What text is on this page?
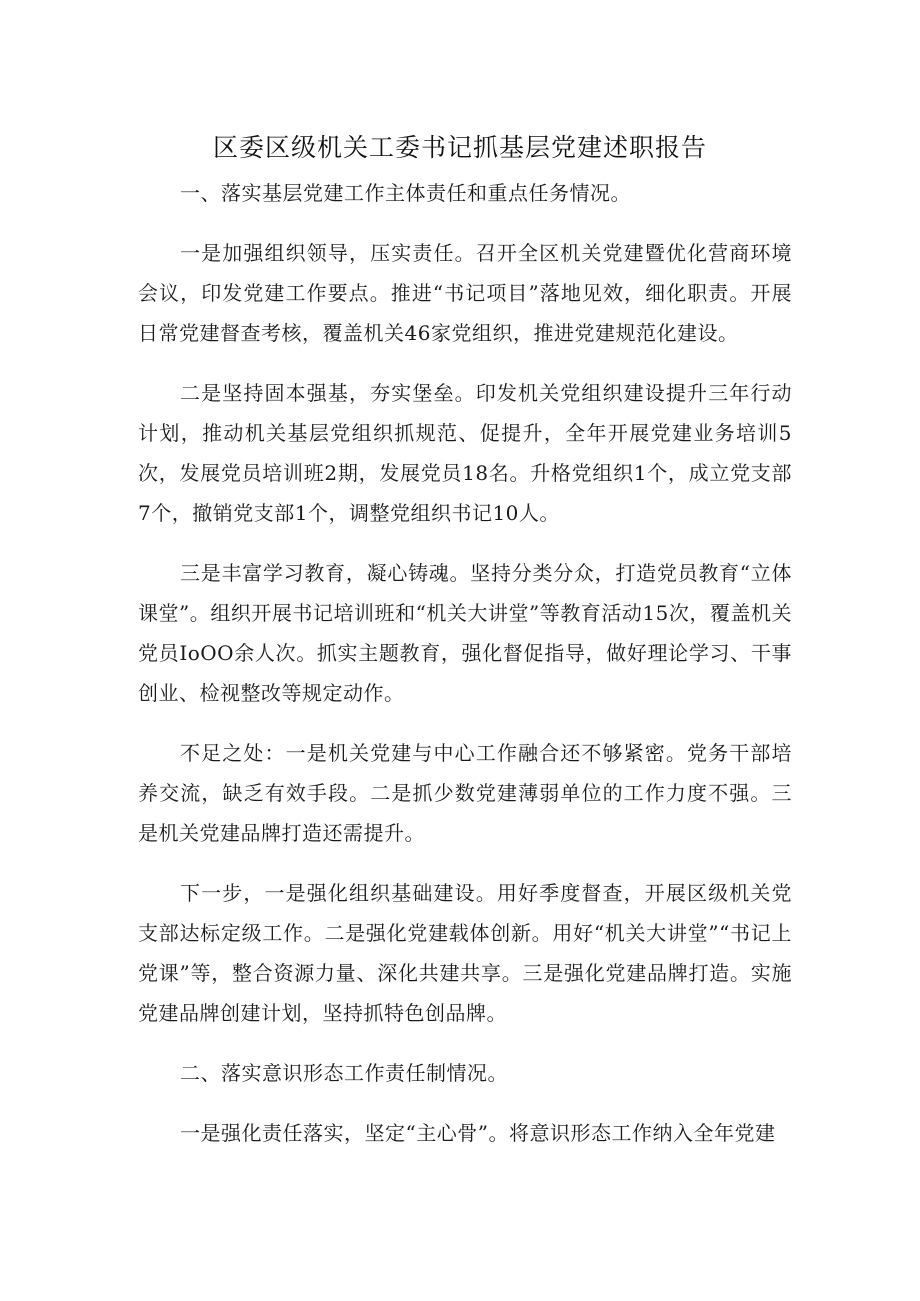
区委区级机关工委书记抓基层党建述职报告

一、落实基层党建工作主体责任和重点任务情况。

一是加强组织领导，压实责任。召开全区机关党建暨优化营商环境会议，印发党建工作要点。推进“书记项目”落地见效，细化职责。开展日常党建督查考核，覆盖机关46家党组织，推进党建规范化建设。

二是坚持固本强基，夯实堡垒。印发机关党组织建设提升三年行动计划，推动机关基层党组织抓规范、促提升，全年开展党建业务培训5次，发展党员培训班2期，发展党员18名。升格党组织1个，成立党支部7个，撤销党支部1个，调整党组织书记10人。

三是丰富学习教育，凝心铸魂。坚持分类分众，打造党员教育“立体课堂”。组织开展书记培训班和“机关大讲堂”等教育活动15次，覆盖机关党员IoOO余人次。抓实主题教育，强化督促指导，做好理论学习、干事创业、检视整改等规定动作。

不足之处：一是机关党建与中心工作融合还不够紧密。党务干部培养交流，缺乏有效手段。二是抓少数党建薄弱单位的工作力度不强。三是机关党建品牌打造还需提升。

下一步，一是强化组织基础建设。用好季度督查，开展区级机关党支部达标定级工作。二是强化党建载体创新。用好“机关大讲堂”“书记上党课”等，整合资源力量、深化共建共享。三是强化党建品牌打造。实施党建品牌创建计划，坚持抓特色创品牌。

二、落实意识形态工作责任制情况。

一是强化责任落实，坚定“主心骨”。将意识形态工作纳入全年党建
